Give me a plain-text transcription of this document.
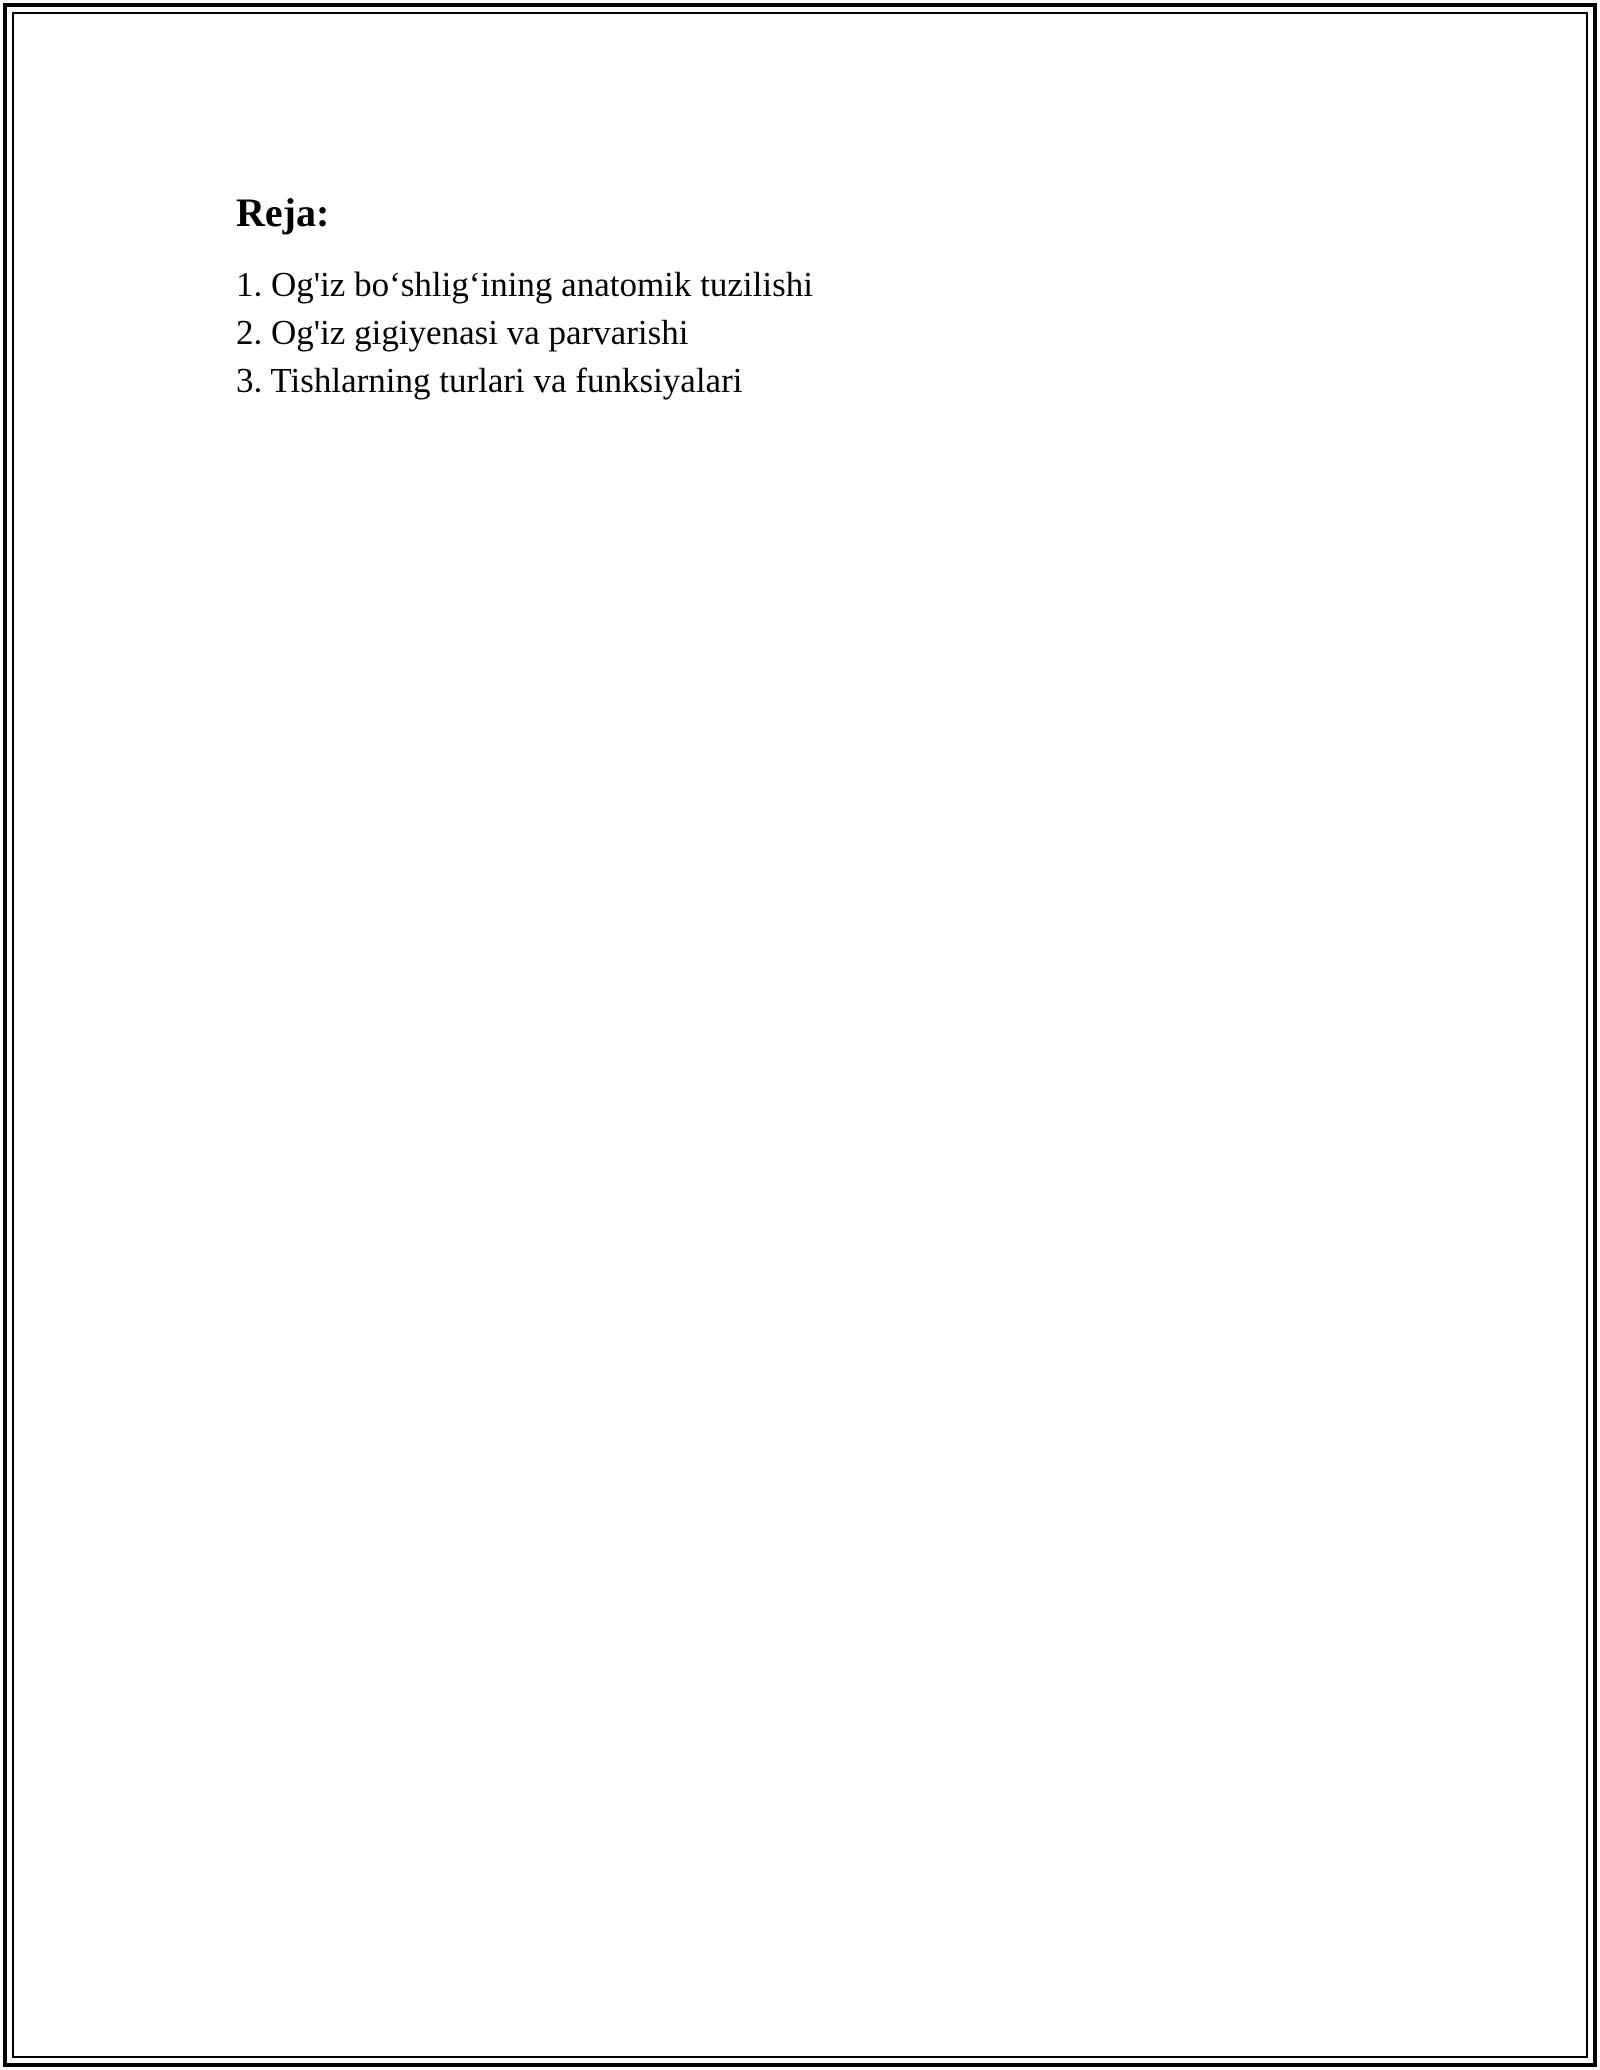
Reja:
1. Og'iz bo‘shlig‘ining anatomik tuzilishi
2. Og'iz gigiyenasi va parvarishi
3. Tishlarning turlari va funksiyalari
